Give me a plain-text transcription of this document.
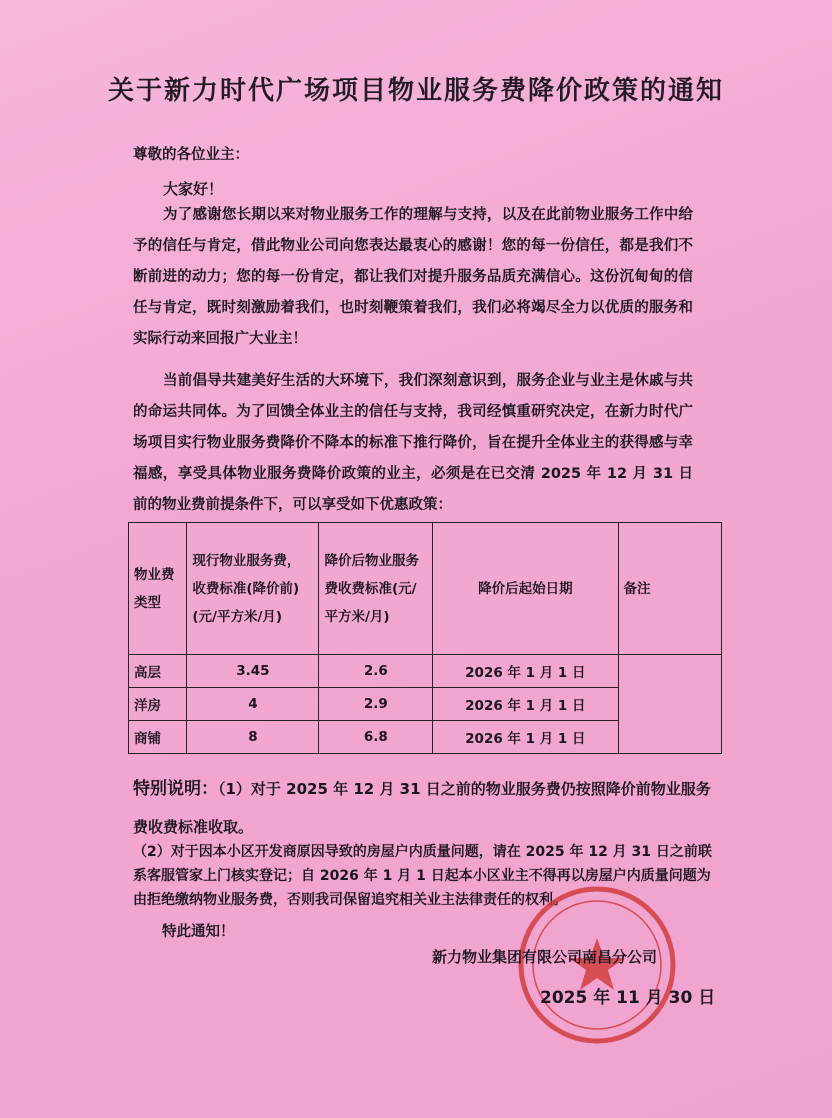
关于新力时代广场项目物业服务费降价政策的通知
尊敬的各位业主：
大家好！
为了感谢您长期以来对物业服务工作的理解与支持，以及在此前物业服务工作中给予的信任与肯定，借此物业公司向您表达最衷心的感谢！您的每一份信任，都是我们不断前进的动力；您的每一份肯定，都让我们对提升服务品质充满信心。这份沉甸甸的信任与肯定，既时刻激励着我们，也时刻鞭策着我们，我们必将竭尽全力以优质的服务和实际行动来回报广大业主！
当前倡导共建美好生活的大环境下，我们深刻意识到，服务企业与业主是休戚与共的命运共同体。为了回馈全体业主的信任与支持，我司经慎重研究决定，在新力时代广场项目实行物业服务费降价不降本的标准下推行降价，旨在提升全体业主的获得感与幸福感，享受具体物业服务费降价政策的业主，必须是在已交清 2025 年 12 月 31 日前的物业费前提条件下，可以享受如下优惠政策：
物业费类型	现行物业服务费，收费标准(降价前)(元/平方米/月)	降价后物业服务费收费标准(元/平方米/月)	降价后起始日期	备注
高层	3.45	2.6	2026 年 1 月 1 日	
洋房	4	2.9	2026 年 1 月 1 日	
商铺	8	6.8	2026 年 1 月 1 日	
特别说明：（1）对于 2025 年 12 月 31 日之前的物业服务费仍按照降价前物业服务费收费标准收取。
（2）对于因本小区开发商原因导致的房屋户内质量问题，请在 2025 年 12 月 31 日之前联系客服管家上门核实登记；自 2026 年 1 月 1 日起本小区业主不得再以房屋户内质量问题为由拒绝缴纳物业服务费，否则我司保留追究相关业主法律责任的权利。
特此通知！
新力物业集团有限公司南昌分公司
2025 年 11 月 30 日
